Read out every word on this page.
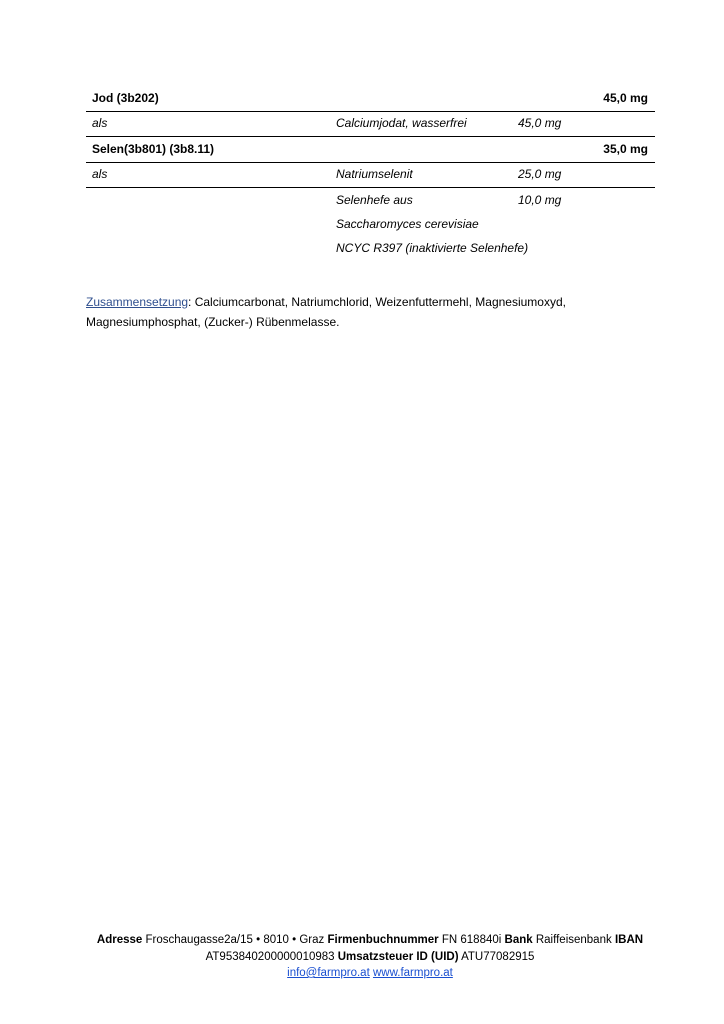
Jod (3b202)	45,0 mg
als	Calciumjodat, wasserfrei	45,0 mg
Selen(3b801) (3b8.11)	35,0 mg
als	Natriumselenit	25,0 mg
Selenhefe aus	10,0 mg
Saccharomyces cerevisiae
NCYC R397 (inaktivierte Selenhefe)
Zusammensetzung: Calciumcarbonat, Natriumchlorid, Weizenfuttermehl, Magnesiumoxyd, Magnesiumphosphat, (Zucker-) Rübenmelasse.
Adresse Froschaugasse2a/15 • 8010 • Graz Firmenbuchnummer FN 618840i Bank Raiffeisenbank IBAN
AT953840200000010983 Umsatzsteuer ID (UID) ATU77082915
info@farmpro.at www.farmpro.at
